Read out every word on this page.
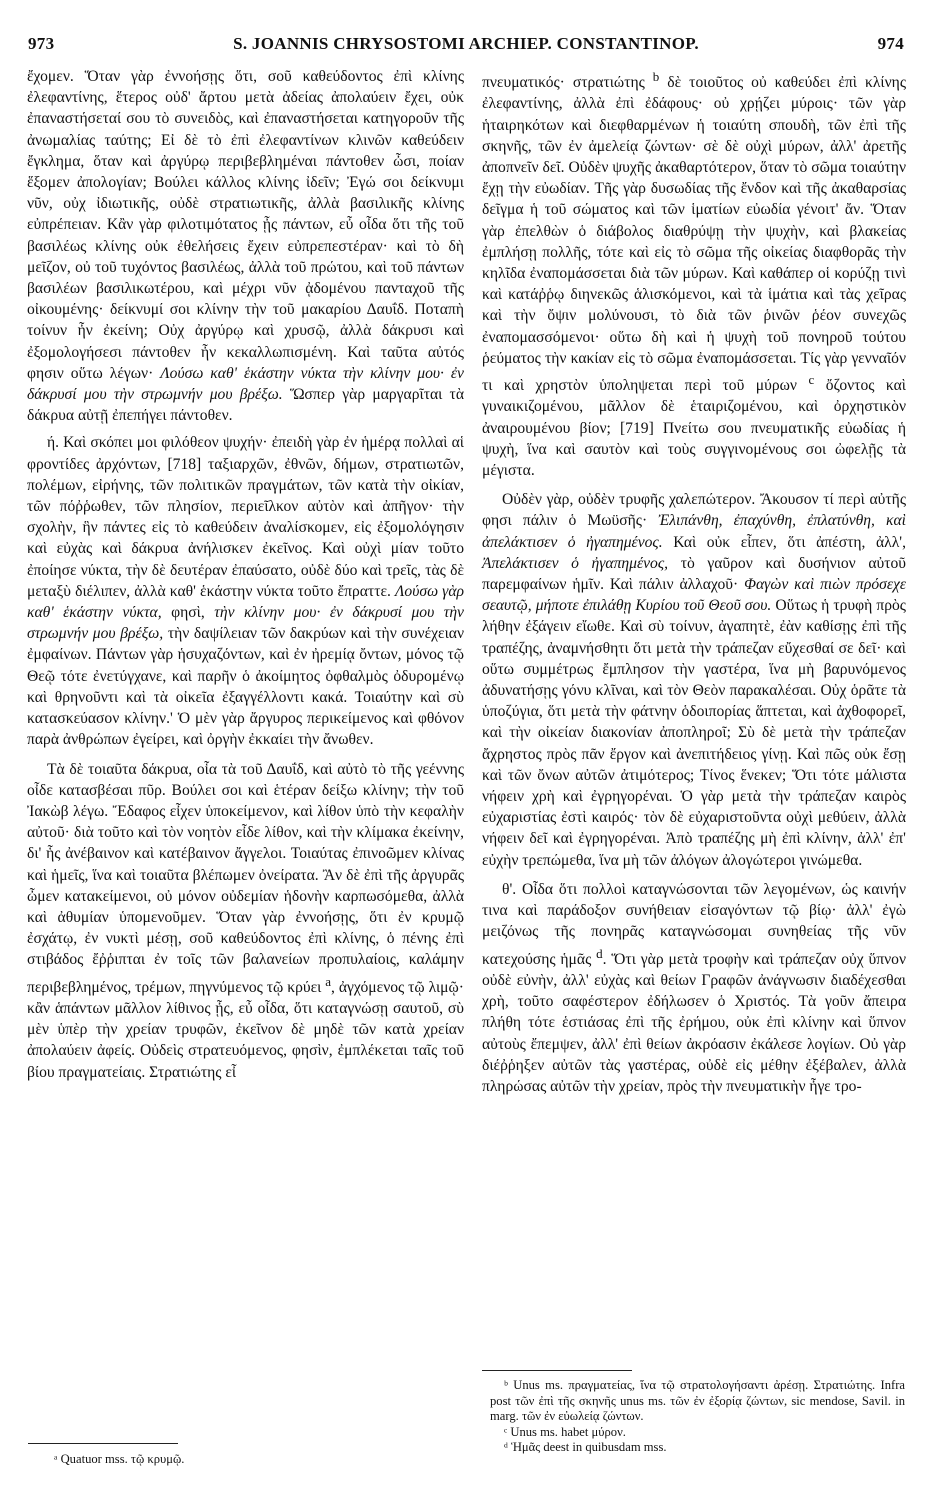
973	S. JOANNIS CHRYSOSTOMI ARCHIEP. CONSTANTINOP.	974

ἔχομεν. Ὅταν γὰρ ἐννοήσῃς ὅτι, σοῦ καθεύδοντος ἐπὶ κλίνης ἐλεφαντίνης, ἕτερος οὐδ' ἄρτου μετὰ ἀδείας ἀπολαύειν ἔχει, οὐκ ἐπαναστήσεταί σου τὸ συνειδὸς, καὶ ἐπαναστήσεται κατηγοροῦν τῆς ἀνωμαλίας ταύτης; Εἰ δὲ τὸ ἐπὶ ἐλεφαντίνων κλινῶν καθεύδειν ἔγκλημα, ὅταν καὶ ἀργύρῳ περιβεβλημέναι πάντοθεν ὦσι, ποίαν ἕξομεν ἀπολογίαν; Βούλει κάλλος κλίνης ἰδεῖν; Ἐγώ σοι δείκνυμι νῦν, οὐχ ἰδιωτικῆς, οὐδὲ στρατιωτικῆς, ἀλλὰ βασιλικῆς κλίνης εὐπρέπειαν. Κἂν γὰρ φιλοτιμότατος ᾖς πάντων, εὖ οἶδα ὅτι τῆς τοῦ βασιλέως κλίνης οὐκ ἐθελήσεις ἔχειν εὐπρεπεστέραν· καὶ τὸ δὴ μεῖζον, οὐ τοῦ τυχόντος βασιλέως, ἀλλὰ τοῦ πρώτου, καὶ τοῦ πάντων βασιλέων βασιλικωτέρου, καὶ μέχρι νῦν ᾀδομένου πανταχοῦ τῆς οἰκουμένης· δείκνυμί σοι κλίνην τὴν τοῦ μακαρίου Δαυΐδ. Ποταπὴ τοίνυν ἦν ἐκείνη; Οὐχ ἀργύρῳ καὶ χρυσῷ, ἀλλὰ δάκρυσι καὶ ἐξομολογήσεσι πάντοθεν ἦν κεκαλλωπισμένη. Καὶ ταῦτα αὐτός φησιν οὕτω λέγων· Λούσω καθ' ἑκάστην νύκτα τὴν κλίνην μου· ἐν δάκρυσί μου τὴν στρωμνήν μου βρέξω. Ὥσπερ γὰρ μαργαρῖται τὰ δάκρυα αὐτῇ ἐπεπήγει πάντοθεν.

ή. Καὶ σκόπει μοι φιλόθεον ψυχήν· ἐπειδὴ γὰρ ἐν ἡμέρᾳ πολλαὶ αἱ φροντίδες ἀρχόντων, [718] ταξιαρχῶν, ἐθνῶν, δήμων, στρατιωτῶν, πολέμων, εἰρήνης, τῶν πολιτικῶν πραγμάτων, τῶν κατὰ τὴν οἰκίαν, τῶν πόῤῥωθεν, τῶν πλησίον, περιεῖλκον αὐτὸν καὶ ἀπῆγον· τὴν σχολὴν, ἣν πάντες εἰς τὸ καθεύδειν ἀναλίσκομεν, εἰς ἐξομολόγησιν καὶ εὐχὰς καὶ δάκρυα ἀνήλισκεν ἐκεῖνος. Καὶ οὐχὶ μίαν τοῦτο ἐποίησε νύκτα, τὴν δὲ δευτέραν ἐπαύσατο, οὐδὲ δύο καὶ τρεῖς, τὰς δὲ μεταξὺ διέλιπεν, ἀλλὰ καθ' ἑκάστην νύκτα τοῦτο ἔπραττε. Λούσω γὰρ καθ' ἑκάστην νύκτα, φησὶ, τὴν κλίνην μου· ἐν δάκρυσί μου τὴν στρωμνήν μου βρέξω, τὴν δαψίλειαν τῶν δακρύων καὶ τὴν συνέχειαν ἐμφαίνων. Πάντων γὰρ ἡσυχαζόντων, καὶ ἐν ἠρεμίᾳ ὄντων, μόνος τῷ Θεῷ τότε ἐνετύγχανε, καὶ παρῆν ὁ ἀκοίμητος ὀφθαλμὸς ὀδυρομένῳ καὶ θρηνοῦντι καὶ τὰ οἰκεῖα ἐξαγγέλλοντι κακά. Τοιαύτην καὶ σὺ κατασκεύασον κλίνην.' Ὁ μὲν γὰρ ἄργυρος περικείμενος καὶ φθόνον παρὰ ἀνθρώπων ἐγείρει, καὶ ὀργὴν ἐκκαίει τὴν ἄνωθεν.

Τὰ δὲ τοιαῦτα δάκρυα, οἷα τὰ τοῦ Δαυΐδ, καὶ αὐτὸ τὸ τῆς γεέννης οἶδε κατασβέσαι πῦρ. Βούλει σοι καὶ ἑτέραν δείξω κλίνην; τὴν τοῦ Ἰακὼβ λέγω. Ἔδαφος εἶχεν ὑποκείμενον, καὶ λίθον ὑπὸ τὴν κεφαλὴν αὐτοῦ· διὰ τοῦτο καὶ τὸν νοητὸν εἶδε λίθον, καὶ τὴν κλίμακα ἐκείνην, δι' ἧς ἀνέβαινον καὶ κατέβαινον ἄγγελοι. Τοιαύτας ἐπινοῶμεν κλίνας καὶ ἡμεῖς, ἵνα καὶ τοιαῦτα βλέπωμεν ὀνείρατα. Ἂν δὲ ἐπὶ τῆς ἀργυρᾶς ὦμεν κατακείμενοι, οὐ μόνον οὐδεμίαν ἡδονὴν καρπωσόμεθα, ἀλλὰ καὶ ἀθυμίαν ὑπομενοῦμεν. Ὅταν γὰρ ἐννοήσῃς, ὅτι ἐν κρυμῷ ἐσχάτῳ, ἐν νυκτὶ μέσῃ, σοῦ καθεύδοντος ἐπὶ κλίνης, ὁ πένης ἐπὶ στιβάδος ἔῤῥιπται ἐν τοῖς τῶν βαλανείων προπυλαίοις, καλάμην περιβεβλημένος, τρέμων, πηγνύμενος τῷ κρύει $^a$, ἀγχόμενος τῷ λιμῷ· κἂν ἁπάντων μᾶλλον λίθινος ᾖς, εὖ οἶδα, ὅτι καταγνώσῃ σαυτοῦ, σὺ μὲν ὑπὲρ τὴν χρείαν τρυφῶν, ἐκεῖνον δὲ μηδὲ τῶν κατὰ χρείαν ἀπολαύειν ἀφείς. Οὐδεὶς στρατευόμενος, φησὶν, ἐμπλέκεται ταῖς τοῦ βίου πραγματείαις. Στρατιώτης εἶ

πνευματικός· στρατιώτης $^b$ δὲ τοιοῦτος οὐ καθεύδει ἐπὶ κλίνης ἐλεφαντίνης, ἀλλὰ ἐπὶ ἐδάφους· οὐ χρῄζει μύροις· τῶν γὰρ ἡταιρηκότων καὶ διεφθαρμένων ἡ τοιαύτη σπουδὴ, τῶν ἐπὶ τῆς σκηνῆς, τῶν ἐν ἀμελείᾳ ζώντων· σὲ δὲ οὐχὶ μύρων, ἀλλ' ἀρετῆς ἀποπνεῖν δεῖ. Οὐδὲν ψυχῆς ἀκαθαρτότερον, ὅταν τὸ σῶμα τοιαύτην ἔχῃ τὴν εὐωδίαν. Τῆς γὰρ δυσωδίας τῆς ἔνδον καὶ τῆς ἀκαθαρσίας δεῖγμα ἡ τοῦ σώματος καὶ τῶν ἱματίων εὐωδία γένοιτ' ἄν. Ὅταν γὰρ ἐπελθὼν ὁ διάβολος διαθρύψῃ τὴν ψυχὴν, καὶ βλακείας ἐμπλήσῃ πολλῆς, τότε καὶ εἰς τὸ σῶμα τῆς οἰκείας διαφθορᾶς τὴν κηλῖδα ἐναπομάσσεται διὰ τῶν μύρων. Καὶ καθάπερ οἱ κορύζῃ τινὶ καὶ κατάῤῥῳ διηνεκῶς ἁλισκόμενοι, καὶ τὰ ἱμάτια καὶ τὰς χεῖρας καὶ τὴν ὄψιν μολύνουσι, τὸ διὰ τῶν ῥινῶν ῥέον συνεχῶς ἐναπομασσόμενοι· οὕτω δὴ καὶ ἡ ψυχὴ τοῦ πονηροῦ τούτου ῥεύματος τὴν κακίαν εἰς τὸ σῶμα ἐναπομάσσεται. Τίς γὰρ γενναῖόν τι καὶ χρηστὸν ὑποληψεται περὶ τοῦ μύρων $^c$ ὄζοντος καὶ γυναικιζομένου, μᾶλλον δὲ ἑταιριζομένου, καὶ ὀρχηστικὸν ἀναιρουμένου βίον; [719] Πνείτω σου πνευματικῆς εὐωδίας ἡ ψυχὴ, ἵνα καὶ σαυτὸν καὶ τοὺς συγγινομένους σοι ὠφελῇς τὰ μέγιστα.

Οὐδὲν γὰρ, οὐδὲν τρυφῆς χαλεπώτερον. Ἄκουσον τί περὶ αὐτῆς φησι πάλιν ὁ Μωϋσῆς· Ἐλιπάνθη, ἐπαχύνθη, ἐπλατύνθη, καὶ ἀπελάκτισεν ὁ ἠγαπημένος. Καὶ οὐκ εἶπεν, ὅτι ἀπέστη, ἀλλ', Ἀπελάκτισεν ὁ ἠγαπημένος, τὸ γαῦρον καὶ δυσήνιον αὐτοῦ παρεμφαίνων ἡμῖν. Καὶ πάλιν ἀλλαχοῦ· Φαγὼν καὶ πιὼν πρόσεχε σεαυτῷ, μήποτε ἐπιλάθῃ Κυρίου τοῦ Θεοῦ σου. Οὕτως ἡ τρυφὴ πρὸς λήθην ἐξάγειν εἴωθε. Καὶ σὺ τοίνυν, ἀγαπητὲ, ἐὰν καθίσῃς ἐπὶ τῆς τραπέζης, ἀναμνήσθητι ὅτι μετὰ τὴν τράπεζαν εὔχεσθαί σε δεῖ· καὶ οὕτω συμμέτρως ἔμπλησον τὴν γαστέρα, ἵνα μὴ βαρυνόμενος ἀδυνατήσῃς γόνυ κλῖναι, καὶ τὸν Θεὸν παρακαλέσαι. Οὐχ ὁρᾶτε τὰ ὑποζύγια, ὅτι μετὰ τὴν φάτνην ὁδοιπορίας ἅπτεται, καὶ ἀχθοφορεῖ, καὶ τὴν οἰκείαν διακονίαν ἀποπληροῖ; Σὺ δὲ μετὰ τὴν τράπεζαν ἄχρηστος πρὸς πᾶν ἔργον καὶ ἀνεπιτήδειος γίνῃ. Καὶ πῶς οὐκ ἔσῃ καὶ τῶν ὄνων αὐτῶν ἀτιμότερος; Τίνος ἕνεκεν; Ὅτι τότε μάλιστα νήφειν χρὴ καὶ ἐγρηγορέναι. Ὁ γὰρ μετὰ τὴν τράπεζαν καιρὸς εὐχαριστίας ἐστὶ καιρός· τὸν δὲ εὐχαριστοῦντα οὐχὶ μεθύειν, ἀλλὰ νήφειν δεῖ καὶ ἐγρηγορέναι. Ἀπὸ τραπέζης μὴ ἐπὶ κλίνην, ἀλλ' ἐπ' εὐχὴν τρεπώμεθα, ἵνα μὴ τῶν ἀλόγων ἀλογώτεροι γινώμεθα.

θ'. Οἶδα ὅτι πολλοὶ καταγνώσονται τῶν λεγομένων, ὡς καινήν τινα καὶ παράδοξον συνήθειαν εἰσαγόντων τῷ βίῳ· ἀλλ' ἐγὼ μειζόνως τῆς πονηρᾶς καταγνώσομαι συνηθείας τῆς νῦν κατεχούσης ἡμᾶς $^d$. Ὅτι γὰρ μετὰ τροφὴν καὶ τράπεζαν οὐχ ὕπνον οὐδὲ εὐνὴν, ἀλλ' εὐχὰς καὶ θείων Γραφῶν ἀνάγνωσιν διαδέχεσθαι χρὴ, τοῦτο σαφέστερον ἐδήλωσεν ὁ Χριστός. Τὰ γοῦν ἄπειρα πλήθη τότε ἑστιάσας ἐπὶ τῆς ἐρήμου, οὐκ ἐπὶ κλίνην καὶ ὕπνον αὐτοὺς ἔπεμψεν, ἀλλ' ἐπὶ θείων ἀκρόασιν ἐκάλεσε λογίων. Οὐ γὰρ διέῤῥηξεν αὐτῶν τὰς γαστέρας, οὐδὲ εἰς μέθην ἐξέβαλεν, ἀλλὰ πληρώσας αὐτῶν τὴν χρείαν, πρὸς τὴν πνευματικὴν ἦγε τρο-

ᵇ Unus ms. πραγματείας, ἵνα τῷ στρατολογήσαντι ἀρέσῃ. Στρατιώτης. Infra post τῶν ἐπὶ τῆς σκηνῆς unus ms. τῶν ἐν ἐξορίᾳ ζώντων, sic mendose, Savil. in marg. τῶν ἐν εὐωλείᾳ ζώντων.

ᶜ Unus ms. habet μύρον.

ᵈ Ἡμᾶς deest in quibusdam mss.

ᵃ Quatuor mss. τῷ κρυμῷ.
